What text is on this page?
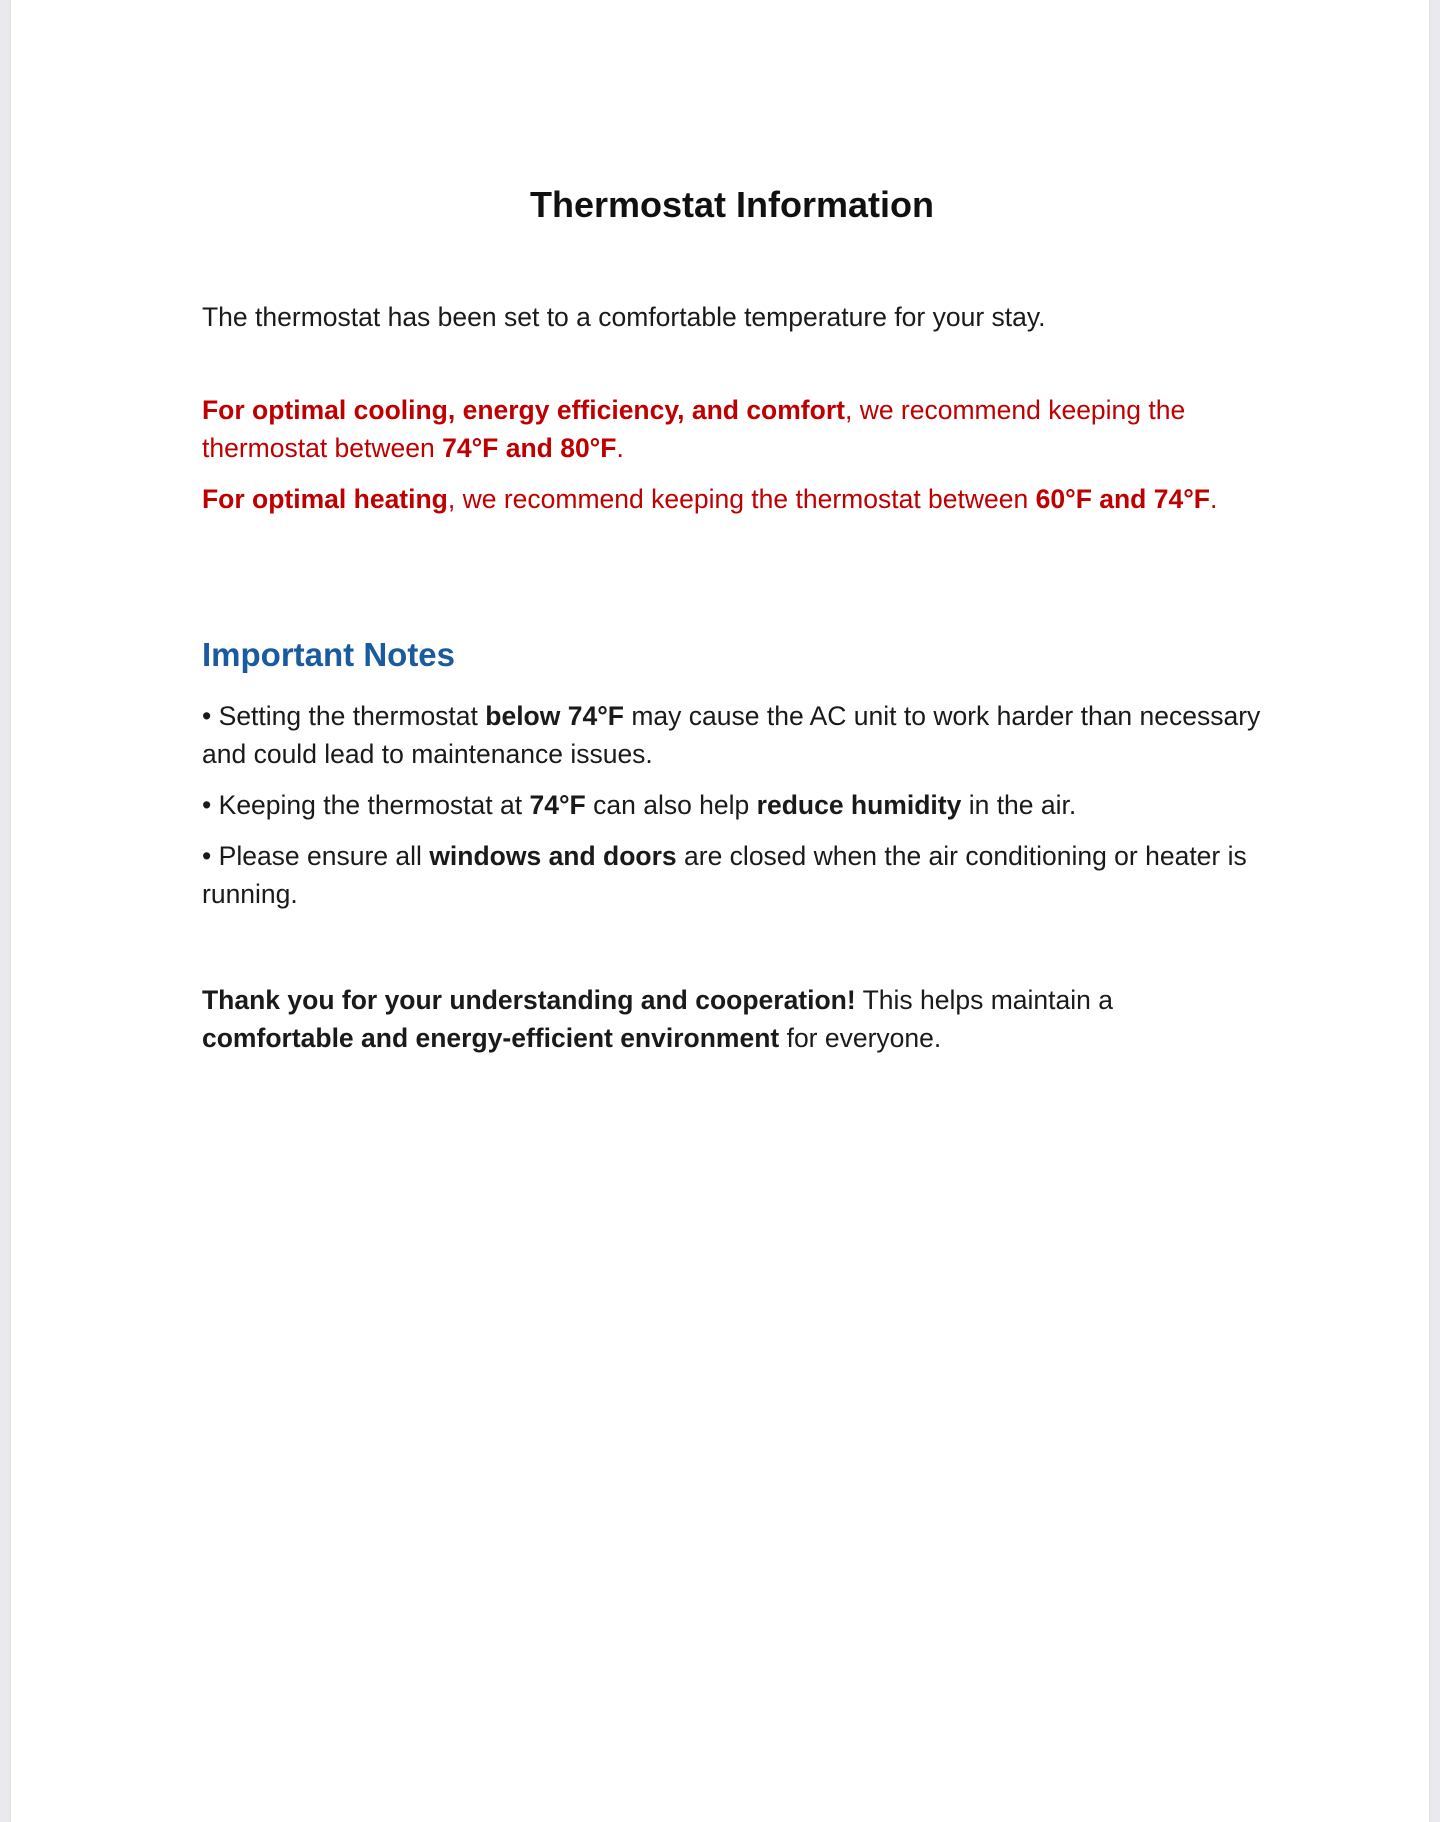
Thermostat Information

The thermostat has been set to a comfortable temperature for your stay.

For optimal cooling, energy efficiency, and comfort, we recommend keeping the thermostat between 74°F and 80°F.

For optimal heating, we recommend keeping the thermostat between 60°F and 74°F.

Important Notes

• Setting the thermostat below 74°F may cause the AC unit to work harder than necessary and could lead to maintenance issues.

• Keeping the thermostat at 74°F can also help reduce humidity in the air.

• Please ensure all windows and doors are closed when the air conditioning or heater is running.

Thank you for your understanding and cooperation! This helps maintain a comfortable and energy-efficient environment for everyone.
